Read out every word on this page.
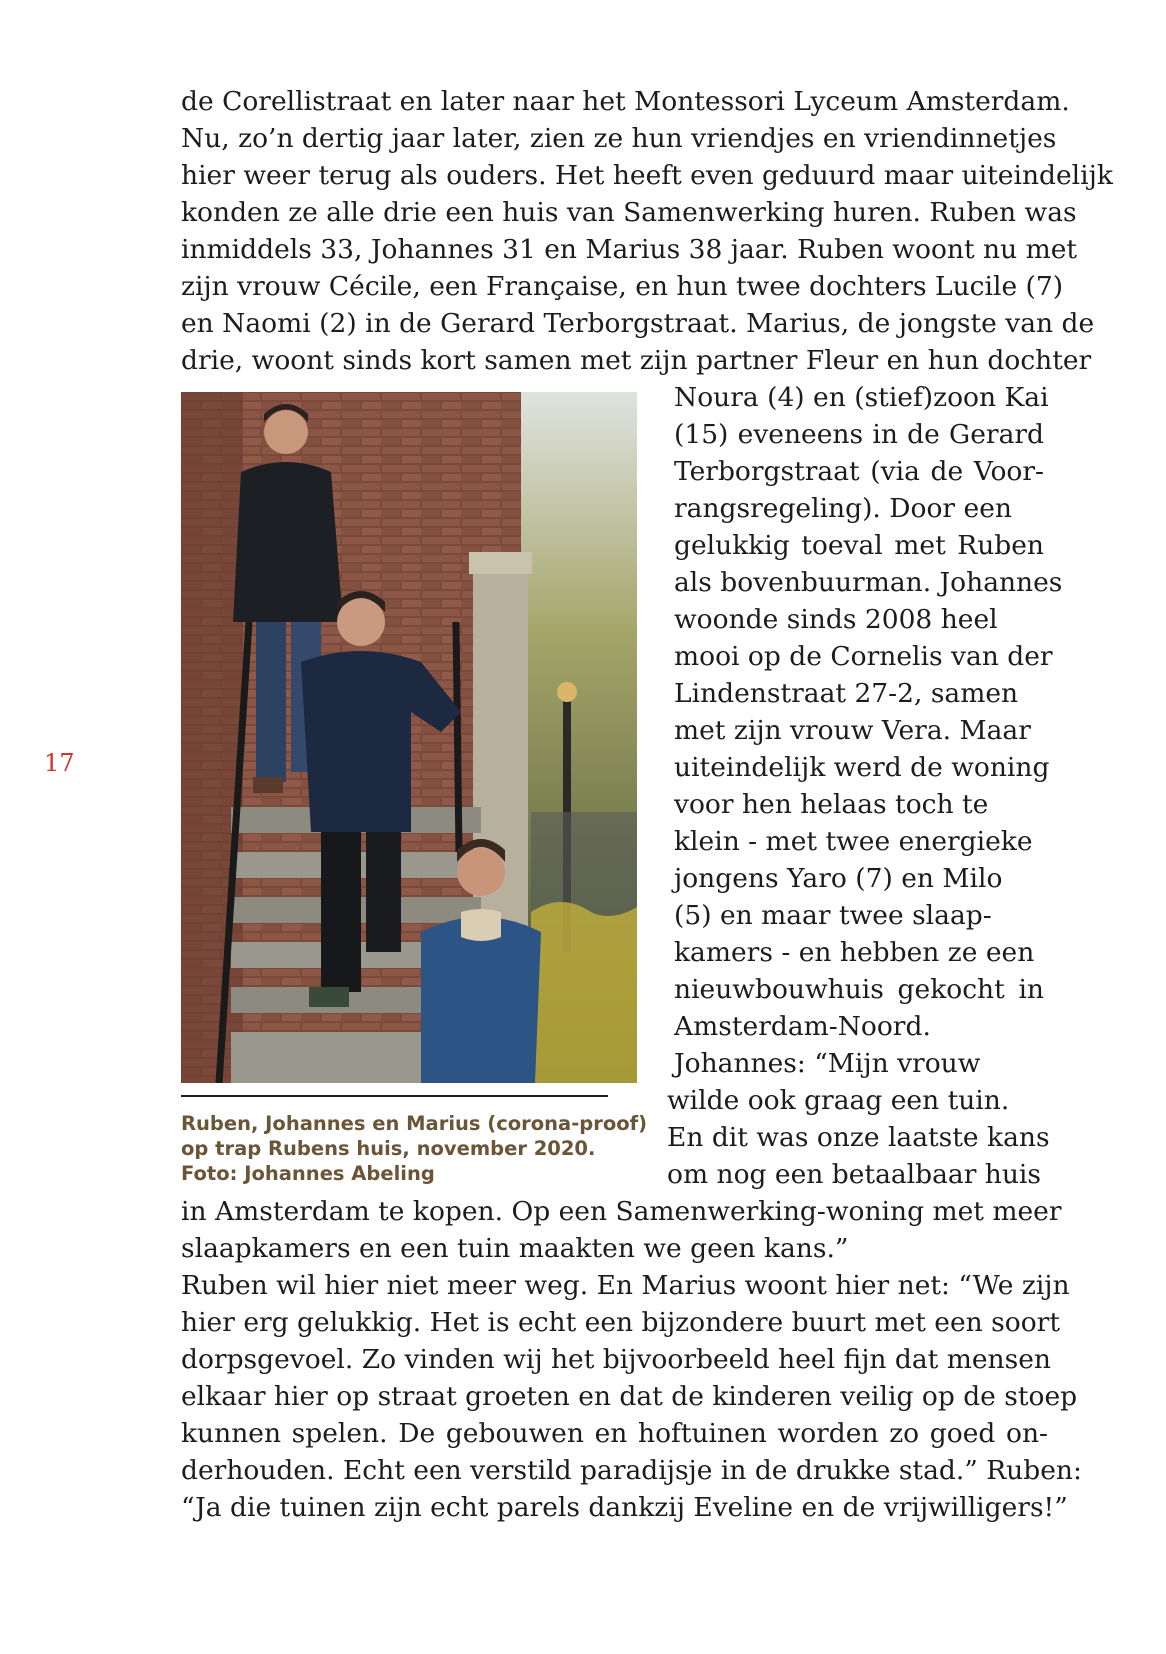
17
de Corellistraat en later naar het Montessori Lyceum Amsterdam.
Nu, zo’n dertig jaar later, zien ze hun vriendjes en vriendinnetjes
hier weer terug als ouders. Het heeft even geduurd maar uiteindelijk
konden ze alle drie een huis van Samenwerking huren. Ruben was
inmiddels 33, Johannes 31 en Marius 38 jaar. Ruben woont nu met
zijn vrouw Cécile, een Française, en hun twee dochters Lucile (7)
en Naomi (2) in de Gerard Terborgstraat. Marius, de jongste van de
drie, woont sinds kort samen met zijn partner Fleur en hun dochter
Noura (4) en (stief)zoon Kai
(15) eveneens in de Gerard
Terborgstraat (via de Voor-
rangsregeling). Door een
gelukkig toeval met Ruben
als bovenbuurman. Johannes
woonde sinds 2008 heel
mooi op de Cornelis van der
Lindenstraat 27-2, samen
met zijn vrouw Vera. Maar
uiteindelijk werd de woning
voor hen helaas toch te
klein - met twee energieke
jongens Yaro (7) en Milo
(5) en maar twee slaap-
kamers - en hebben ze een
nieuwbouwhuis gekocht in
Amsterdam-Noord.
Johannes: “Mijn vrouw
wilde ook graag een tuin.
En dit was onze laatste kans
om nog een betaalbaar huis
Ruben, Johannes en Marius (corona-proof)
op trap Rubens huis, november 2020.
Foto: Johannes Abeling
in Amsterdam te kopen. Op een Samenwerking-woning met meer
slaapkamers en een tuin maakten we geen kans.”
Ruben wil hier niet meer weg. En Marius woont hier net: “We zijn
hier erg gelukkig. Het is echt een bijzondere buurt met een soort
dorpsgevoel. Zo vinden wij het bijvoorbeeld heel fijn dat mensen
elkaar hier op straat groeten en dat de kinderen veilig op de stoep
kunnen spelen. De gebouwen en hoftuinen worden zo goed on-
derhouden. Echt een verstild paradijsje in de drukke stad.” Ruben:
“Ja die tuinen zijn echt parels dankzij Eveline en de vrijwilligers!”
